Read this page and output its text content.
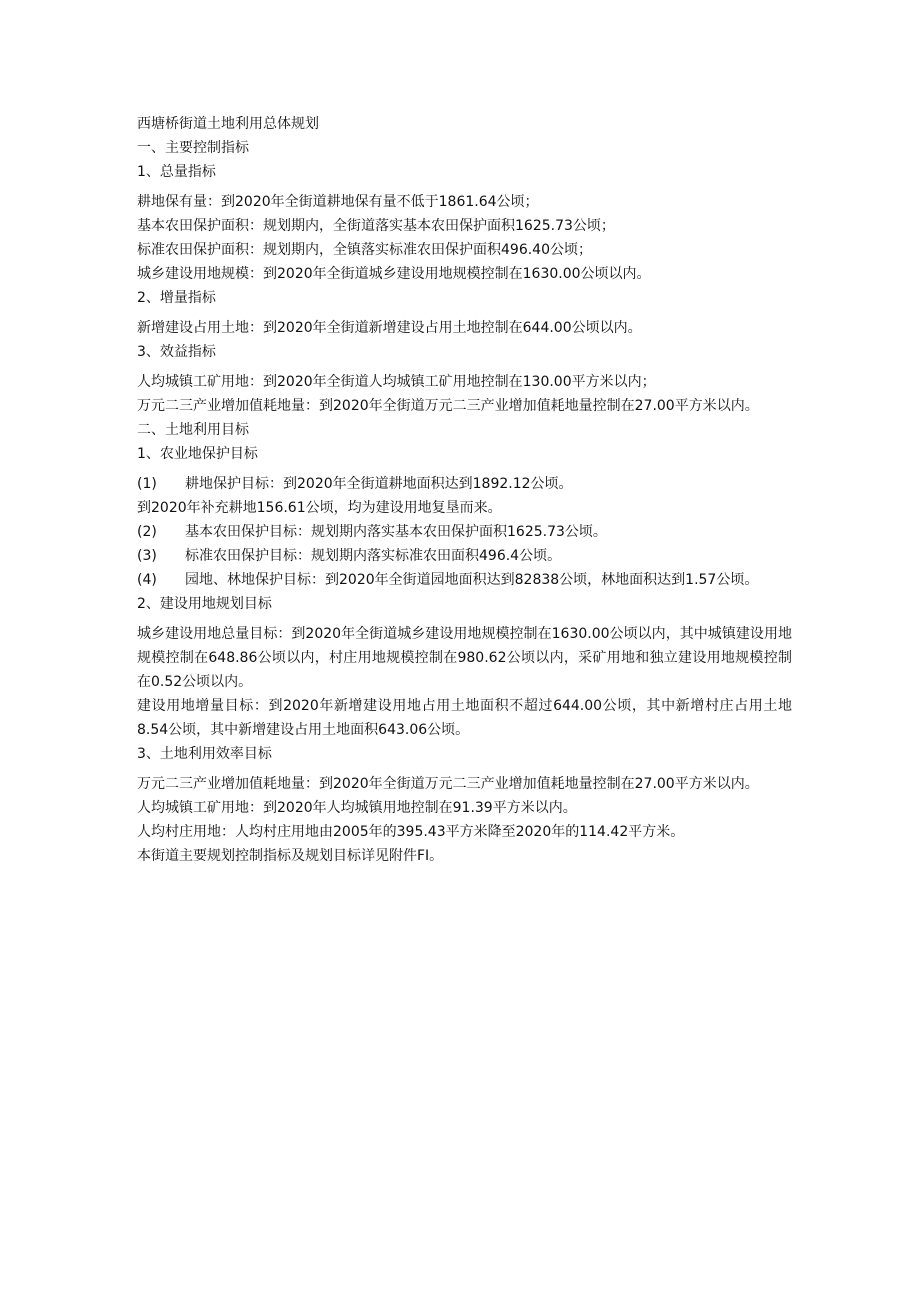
西塘桥街道土地利用总体规划
一、主要控制指标
1、总量指标
耕地保有量：到2020年全街道耕地保有量不低于1861.64公顷；
基本农田保护面积：规划期内，全街道落实基本农田保护面积1625.73公顷；
标准农田保护面积：规划期内，全镇落实标准农田保护面积496.40公顷；
城乡建设用地规模：到2020年全街道城乡建设用地规模控制在1630.00公顷以内。
2、增量指标
新增建设占用土地：到2020年全街道新增建设占用土地控制在644.00公顷以内。
3、效益指标
人均城镇工矿用地：到2020年全街道人均城镇工矿用地控制在130.00平方米以内；
万元二三产业增加值耗地量：到2020年全街道万元二三产业增加值耗地量控制在27.00平方米以内。
二、土地利用目标
1、农业地保护目标
(1)	耕地保护目标：到2020年全街道耕地面积达到1892.12公顷。
到2020年补充耕地156.61公顷，均为建设用地复垦而来。
(2)	基本农田保护目标：规划期内落实基本农田保护面积1625.73公顷。
(3)	标准农田保护目标：规划期内落实标准农田面积496.4公顷。
(4)	园地、林地保护目标：到2020年全街道园地面积达到82838公顷，林地面积达到1.57公顷。
2、建设用地规划目标
城乡建设用地总量目标：到2020年全街道城乡建设用地规模控制在1630.00公顷以内，其中城镇建设用地规模控制在648.86公顷以内，村庄用地规模控制在980.62公顷以内，采矿用地和独立建设用地规模控制在0.52公顷以内。
建设用地增量目标：到2020年新增建设用地占用土地面积不超过644.00公顷，其中新增村庄占用土地8.54公顷，其中新增建设占用土地面积643.06公顷。
3、土地利用效率目标
万元二三产业增加值耗地量：到2020年全街道万元二三产业增加值耗地量控制在27.00平方米以内。
人均城镇工矿用地：到2020年人均城镇用地控制在91.39平方米以内。
人均村庄用地：人均村庄用地由2005年的395.43平方米降至2020年的114.42平方米。
本街道主要规划控制指标及规划目标详见附件FI。
